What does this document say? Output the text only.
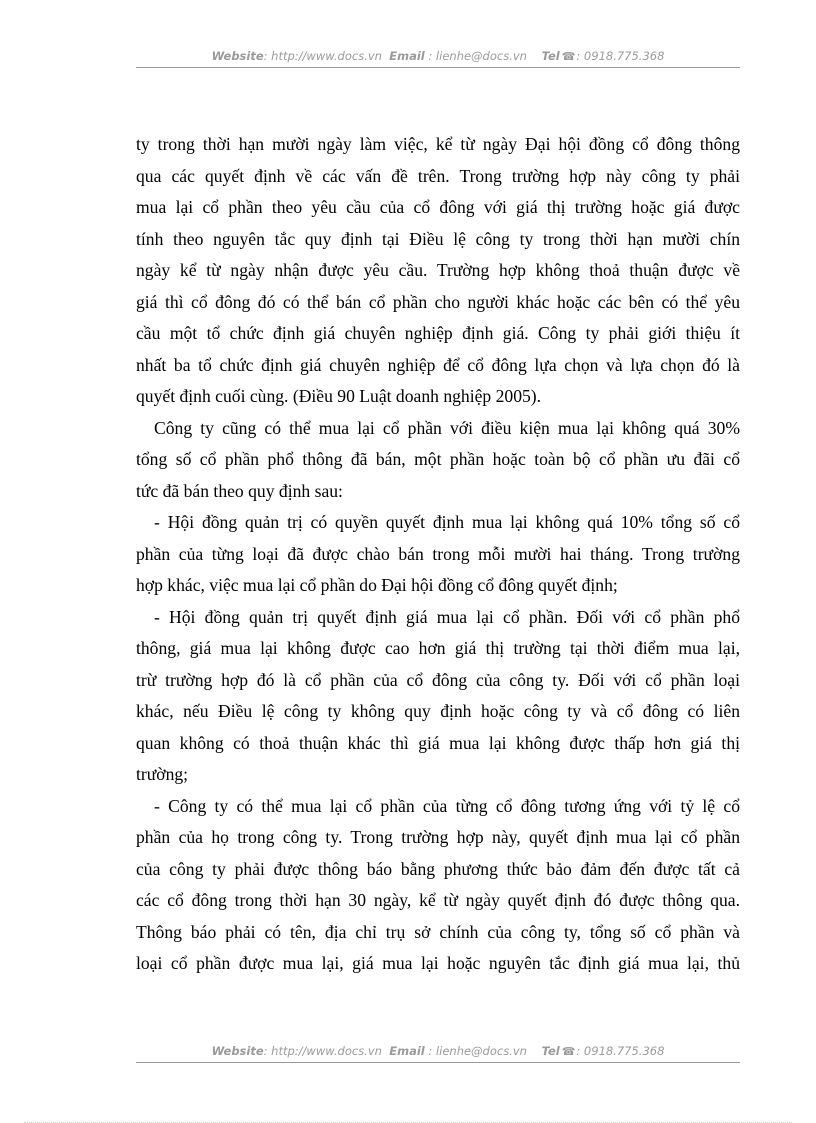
Website: http://www.docs.vn Email : lienhe@docs.vn Tel ☎: 0918.775.368
ty trong thời hạn mười ngày làm việc, kể từ ngày Đại hội đồng cổ đông thông
qua các quyết định về các vấn đề trên. Trong trường hợp này công ty phải
mua lại cổ phần theo yêu cầu của cổ đông với giá thị trường hoặc giá được
tính theo nguyên tắc quy định tại Điều lệ công ty trong thời hạn mười chín
ngày kể từ ngày nhận được yêu cầu. Trường hợp không thoả thuận được về
giá thì cổ đông đó có thể bán cổ phần cho người khác hoặc các bên có thể yêu
cầu một tổ chức định giá chuyên nghiệp định giá. Công ty phải giới thiệu ít
nhất ba tổ chức định giá chuyên nghiệp để cổ đông lựa chọn và lựa chọn đó là
quyết định cuối cùng. (Điều 90 Luật doanh nghiệp 2005).
Công ty cũng có thể mua lại cổ phần với điều kiện mua lại không quá 30%
tổng số cổ phần phổ thông đã bán, một phần hoặc toàn bộ cổ phần ưu đãi cổ
tức đã bán theo quy định sau:
- Hội đồng quản trị có quyền quyết định mua lại không quá 10% tổng số cổ
phần của từng loại đã được chào bán trong mỗi mười hai tháng. Trong trường
hợp khác, việc mua lại cổ phần do Đại hội đồng cổ đông quyết định;
- Hội đồng quản trị quyết định giá mua lại cổ phần. Đối với cổ phần phổ
thông, giá mua lại không được cao hơn giá thị trường tại thời điểm mua lại,
trừ trường hợp đó là cổ phần của cổ đông của công ty. Đối với cổ phần loại
khác, nếu Điều lệ công ty không quy định hoặc công ty và cổ đông có liên
quan không có thoả thuận khác thì giá mua lại không được thấp hơn giá thị
trường;
- Công ty có thể mua lại cổ phần của từng cổ đông tương ứng với tỷ lệ cổ
phần của họ trong công ty. Trong trường hợp này, quyết định mua lại cổ phần
của công ty phải được thông báo bằng phương thức bảo đảm đến được tất cả
các cổ đông trong thời hạn 30 ngày, kể từ ngày quyết định đó được thông qua.
Thông báo phải có tên, địa chỉ trụ sở chính của công ty, tổng số cổ phần và
loại cổ phần được mua lại, giá mua lại hoặc nguyên tắc định giá mua lại, thủ
Website: http://www.docs.vn Email : lienhe@docs.vn Tel ☎: 0918.775.368
